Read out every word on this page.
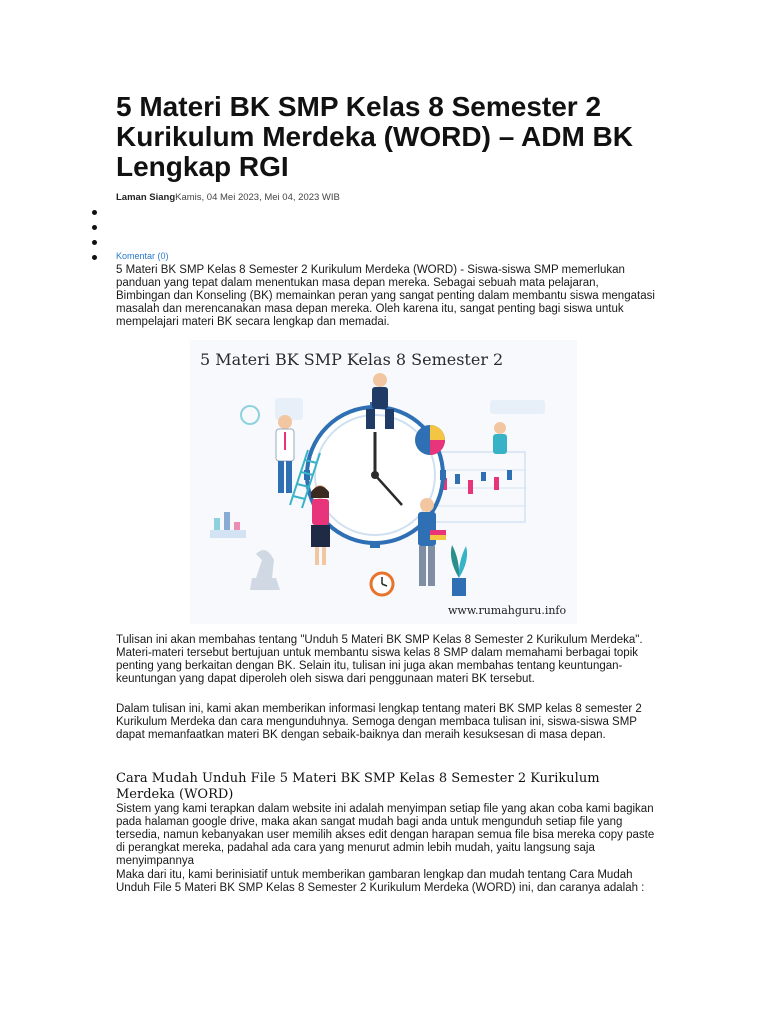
5 Materi BK SMP Kelas 8 Semester 2 Kurikulum Merdeka (WORD) – ADM BK Lengkap RGI
Laman SiangKamis, 04 Mei 2023, Mei 04, 2023 WIB
Komentar (0)

5 Materi BK SMP Kelas 8 Semester 2 Kurikulum Merdeka (WORD) - Siswa-siswa SMP memerlukan panduan yang tepat dalam menentukan masa depan mereka. Sebagai sebuah mata pelajaran, Bimbingan dan Konseling (BK) memainkan peran yang sangat penting dalam membantu siswa mengatasi masalah dan merencanakan masa depan mereka. Oleh karena itu, sangat penting bagi siswa untuk mempelajari materi BK secara lengkap dan memadai.

5 Materi BK SMP Kelas 8 Semester 2
www.rumahguru.info

Tulisan ini akan membahas tentang "Unduh 5 Materi BK SMP Kelas 8 Semester 2 Kurikulum Merdeka". Materi-materi tersebut bertujuan untuk membantu siswa kelas 8 SMP dalam memahami berbagai topik penting yang berkaitan dengan BK. Selain itu, tulisan ini juga akan membahas tentang keuntungan-keuntungan yang dapat diperoleh oleh siswa dari penggunaan materi BK tersebut.

Dalam tulisan ini, kami akan memberikan informasi lengkap tentang materi BK SMP kelas 8 semester 2 Kurikulum Merdeka dan cara mengunduhnya. Semoga dengan membaca tulisan ini, siswa-siswa SMP dapat memanfaatkan materi BK dengan sebaik-baiknya dan meraih kesuksesan di masa depan.

Cara Mudah Unduh File 5 Materi BK SMP Kelas 8 Semester 2 Kurikulum Merdeka (WORD)

Sistem yang kami terapkan dalam website ini adalah menyimpan setiap file yang akan coba kami bagikan pada halaman google drive, maka akan sangat mudah bagi anda untuk mengunduh setiap file yang tersedia, namun kebanyakan user memilih akses edit dengan harapan semua file bisa mereka copy paste di perangkat mereka, padahal ada cara yang menurut admin lebih mudah, yaitu langsung saja menyimpannya

Maka dari itu, kami berinisiatif untuk memberikan gambaran lengkap dan mudah tentang Cara Mudah Unduh File 5 Materi BK SMP Kelas 8 Semester 2 Kurikulum Merdeka (WORD) ini, dan caranya adalah :
